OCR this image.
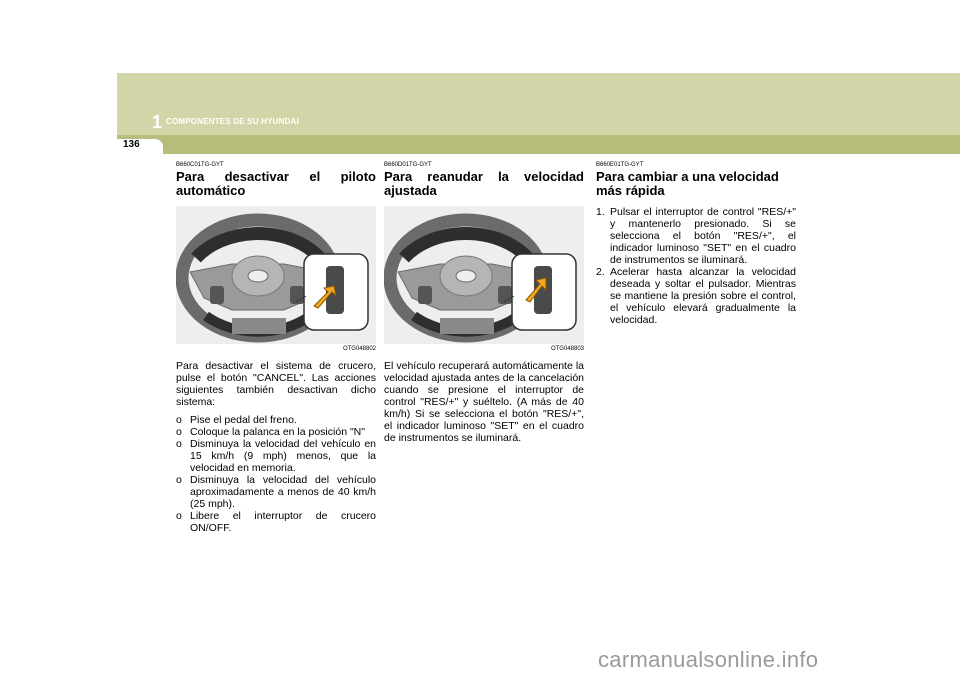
1 COMPONENTES DE SU HYUNDAI
136
B660C01TG-GYT
Para desactivar el piloto automático
OTG048802

Para desactivar el sistema de crucero, pulse el botón "CANCEL". Las acciones siguientes también desactivan dicho sistema:

o Pise el pedal del freno.
o Coloque la palanca en la posición "N"
o Disminuya la velocidad del vehículo en 15 km/h (9 mph) menos, que la velocidad en memoria.
o Disminuya la velocidad del vehículo aproximadamente a menos de 40 km/h (25 mph).
o Libere el interruptor de crucero ON/OFF.
B660D01TG-GYT
Para reanudar la velocidad ajustada
OTG048803

El vehículo recuperará automáticamente la velocidad ajustada antes de la cancelación cuando se presione el interruptor de control "RES/+" y suéltelo. (A más de 40 km/h) Si se selecciona el botón "RES/+", el indicador luminoso "SET" en el cuadro de instrumentos se iluminará.

B660E01TG-GYT
Para cambiar a una velocidad más rápida
1. Pulsar el interruptor de control "RES/+" y mantenerlo presionado. Si se selecciona el botón "RES/+", el indicador luminoso "SET" en el cuadro de instrumentos se iluminará.
2. Acelerar hasta alcanzar la velocidad deseada y soltar el pulsador. Mientras se mantiene la presión sobre el control, el vehículo elevará gradualmente la velocidad.
carmanualsonline.info
